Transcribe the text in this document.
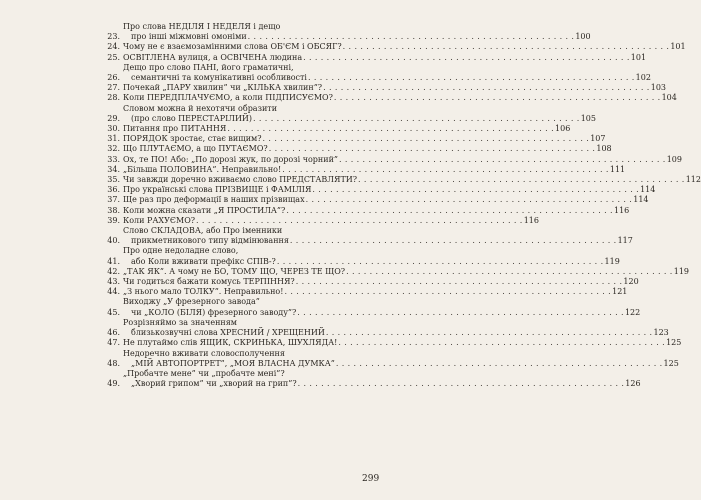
23.
Про слова НЕДІЛЯ І НЕДЕЛЯ і дещо
про інші міжмовні омоніми . . . . . . . . . . . . . . . . . . . . . . . . . . . . . . . . . . . . . . . . . . . . . . . . . . . . . . . . 100
24. Чому не є взаємозамінними слова ОБ'ЄМ і ОБСЯГ? . . . . . . . . . . . . . . . . . . . . . . . . . . . . . . . . . . . . . . . . . . . . . . . . . . . . . . . . 101
25. ОСВІТЛЕНА вулиця, а ОСВІЧЕНА людина . . . . . . . . . . . . . . . . . . . . . . . . . . . . . . . . . . . . . . . . . . . . . . . . . . . . . . . . 101
26.
Дещо про слово ПАНІ, його граматичні,
семантичні та комунікативні особливості . . . . . . . . . . . . . . . . . . . . . . . . . . . . . . . . . . . . . . . . . . . . . . . . . . . . . . . . 102
27. Почекай „ПАРУ хвилин” чи „КІЛЬКА хвилин”? . . . . . . . . . . . . . . . . . . . . . . . . . . . . . . . . . . . . . . . . . . . . . . . . . . . . . . . . 103
28. Коли ПЕРЕДПЛАЧУЄМО, а коли ПІДПИСУЄМО? . . . . . . . . . . . . . . . . . . . . . . . . . . . . . . . . . . . . . . . . . . . . . . . . . . . . . . . . 104
29.
Словом можна й нехотячи образити
(про слово ПЕРЕСТАРІЛИЙ) . . . . . . . . . . . . . . . . . . . . . . . . . . . . . . . . . . . . . . . . . . . . . . . . . . . . . . . . 105
30. Питання про ПИТАННЯ . . . . . . . . . . . . . . . . . . . . . . . . . . . . . . . . . . . . . . . . . . . . . . . . . . . . . . . . 106
31. ПОРЯДОК зростає, стає вищим? . . . . . . . . . . . . . . . . . . . . . . . . . . . . . . . . . . . . . . . . . . . . . . . . . . . . . . . . 107
32. Що ПЛУТАЄМО, а що ПУТАЄМО? . . . . . . . . . . . . . . . . . . . . . . . . . . . . . . . . . . . . . . . . . . . . . . . . . . . . . . . . 108
33. Ох, те ПО! Або: „По дорозі жук, по дорозі чорний” . . . . . . . . . . . . . . . . . . . . . . . . . . . . . . . . . . . . . . . . . . . . . . . . . . . . . . . . 109
34. „Більша ПОЛОВИНА”. Неправильно! . . . . . . . . . . . . . . . . . . . . . . . . . . . . . . . . . . . . . . . . . . . . . . . . . . . . . . . . 111
35. Чи завжди доречно вживаємо слово ПРЕДСТАВЛЯТИ? . . . . . . . . . . . . . . . . . . . . . . . . . . . . . . . . . . . . . . . . . . . . . . . . . . . . . . . . 112
36. Про українські слова ПРІЗВИЩЕ і ФАМІЛІЯ . . . . . . . . . . . . . . . . . . . . . . . . . . . . . . . . . . . . . . . . . . . . . . . . . . . . . . . . 114
37. Ще раз про деформації в наших прізвищах . . . . . . . . . . . . . . . . . . . . . . . . . . . . . . . . . . . . . . . . . . . . . . . . . . . . . . . . 114
38. Коли можна сказати „Я ПРОСТИЛА”? . . . . . . . . . . . . . . . . . . . . . . . . . . . . . . . . . . . . . . . . . . . . . . . . . . . . . . . . 116
39. Коли РАХУЄМО? . . . . . . . . . . . . . . . . . . . . . . . . . . . . . . . . . . . . . . . . . . . . . . . . . . . . . . . . 116
40.
Слово СКЛАДОВА, або Про іменники
прикметникового типу відмінювання . . . . . . . . . . . . . . . . . . . . . . . . . . . . . . . . . . . . . . . . . . . . . . . . . . . . . . . . 117
41.
Про одне недоладне слово,
або Коли вживати префікс СПІВ-? . . . . . . . . . . . . . . . . . . . . . . . . . . . . . . . . . . . . . . . . . . . . . . . . . . . . . . . . 119
42. „ТАК ЯК”. А чому не БО, ТОМУ ЩО, ЧЕРЕЗ ТЕ ЩО? . . . . . . . . . . . . . . . . . . . . . . . . . . . . . . . . . . . . . . . . . . . . . . . . . . . . . . . . 119
43. Чи годиться бажати комусь ТЕРПІННЯ? . . . . . . . . . . . . . . . . . . . . . . . . . . . . . . . . . . . . . . . . . . . . . . . . . . . . . . . . 120
44. „З нього мало ТОЛКУ”. Неправильно! . . . . . . . . . . . . . . . . . . . . . . . . . . . . . . . . . . . . . . . . . . . . . . . . . . . . . . . . 121
45.
Виходжу „У фрезерного завода”
чи „КОЛО (БІЛЯ) фрезерного заводу”? . . . . . . . . . . . . . . . . . . . . . . . . . . . . . . . . . . . . . . . . . . . . . . . . . . . . . . . . 122
46.
Розрізняймо за значенням
близькозвучні слова ХРЕСНИЙ / ХРЕЩЕНИЙ . . . . . . . . . . . . . . . . . . . . . . . . . . . . . . . . . . . . . . . . . . . . . . . . . . . . . . . . 123
47. Не плутаймо слів ЯЩИК, СКРИНЬКА, ШУХЛЯДА! . . . . . . . . . . . . . . . . . . . . . . . . . . . . . . . . . . . . . . . . . . . . . . . . . . . . . . . . 125
48.
Недоречно вживати словосполучення
„МІЙ АВТОПОРТРЕТ”, „МОЯ ВЛАСНА ДУМКА” . . . . . . . . . . . . . . . . . . . . . . . . . . . . . . . . . . . . . . . . . . . . . . . . . . . . . . . . 125
49.
„Пробачте мене” чи „пробачте мені”?
„Хворий грипом” чи „хворий на грип”? . . . . . . . . . . . . . . . . . . . . . . . . . . . . . . . . . . . . . . . . . . . . . . . . . . . . . . . . 126
299
